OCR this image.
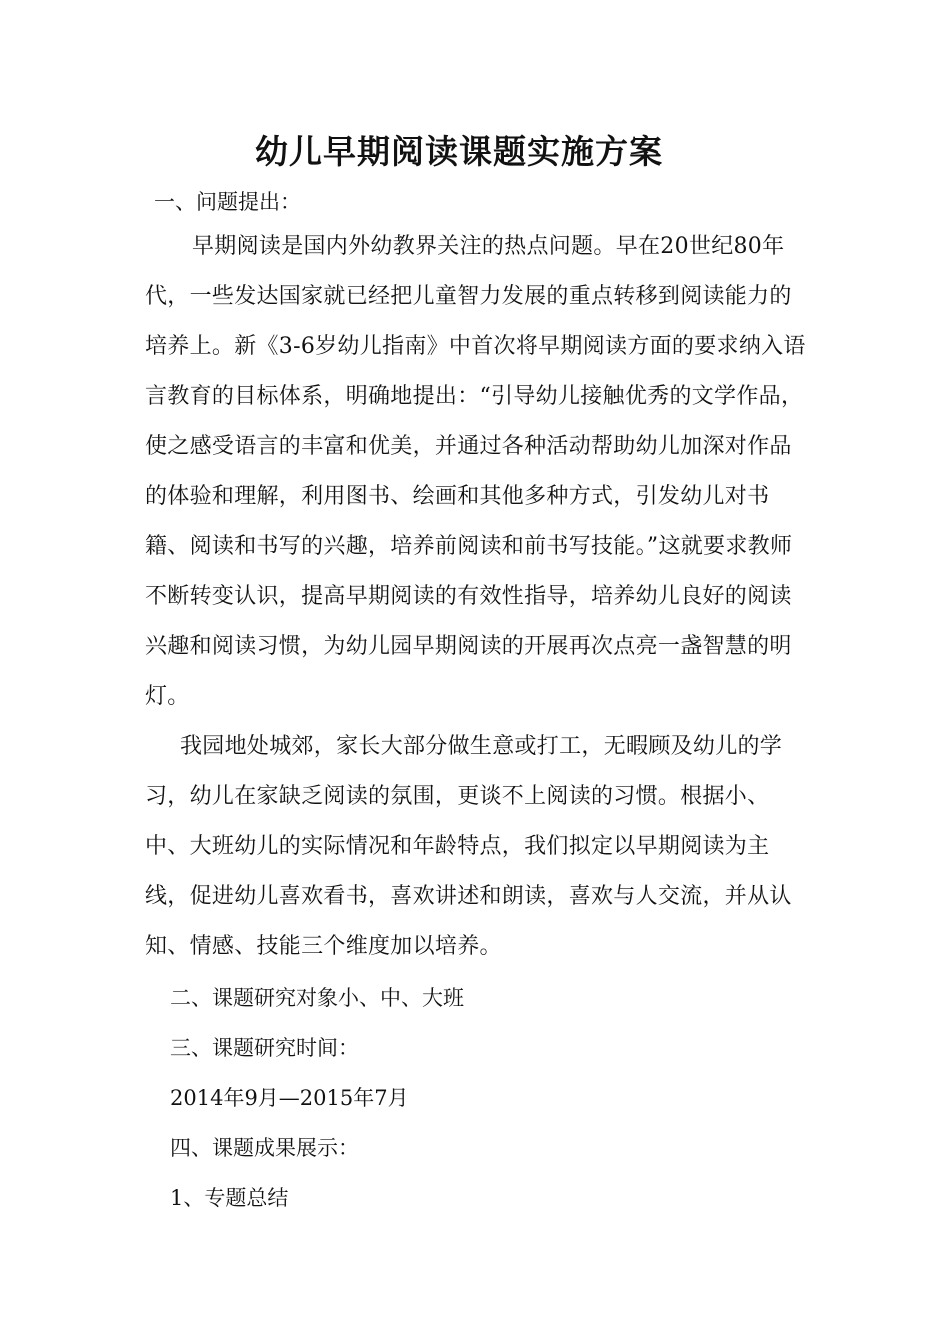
幼儿早期阅读课题实施方案
一、问题提出：

早期阅读是国内外幼教界关注的热点问题。早在20世纪80年代，一些发达国家就已经把儿童智力发展的重点转移到阅读能力的培养上。新《3-6岁幼儿指南》中首次将早期阅读方面的要求纳入语言教育的目标体系，明确地提出：“引导幼儿接触优秀的文学作品，使之感受语言的丰富和优美，并通过各种活动帮助幼儿加深对作品的体验和理解，利用图书、绘画和其他多种方式，引发幼儿对书籍、阅读和书写的兴趣，培养前阅读和前书写技能。”这就要求教师不断转变认识，提高早期阅读的有效性指导，培养幼儿良好的阅读兴趣和阅读习惯，为幼儿园早期阅读的开展再次点亮一盏智慧的明灯。

我园地处城郊，家长大部分做生意或打工，无暇顾及幼儿的学习，幼儿在家缺乏阅读的氛围，更谈不上阅读的习惯。根据小、中、大班幼儿的实际情况和年龄特点，我们拟定以早期阅读为主线，促进幼儿喜欢看书，喜欢讲述和朗读，喜欢与人交流，并从认知、情感、技能三个维度加以培养。

二、课题研究对象小、中、大班
三、课题研究时间：
2014年9月—2015年7月
四、课题成果展示：
1、专题总结
